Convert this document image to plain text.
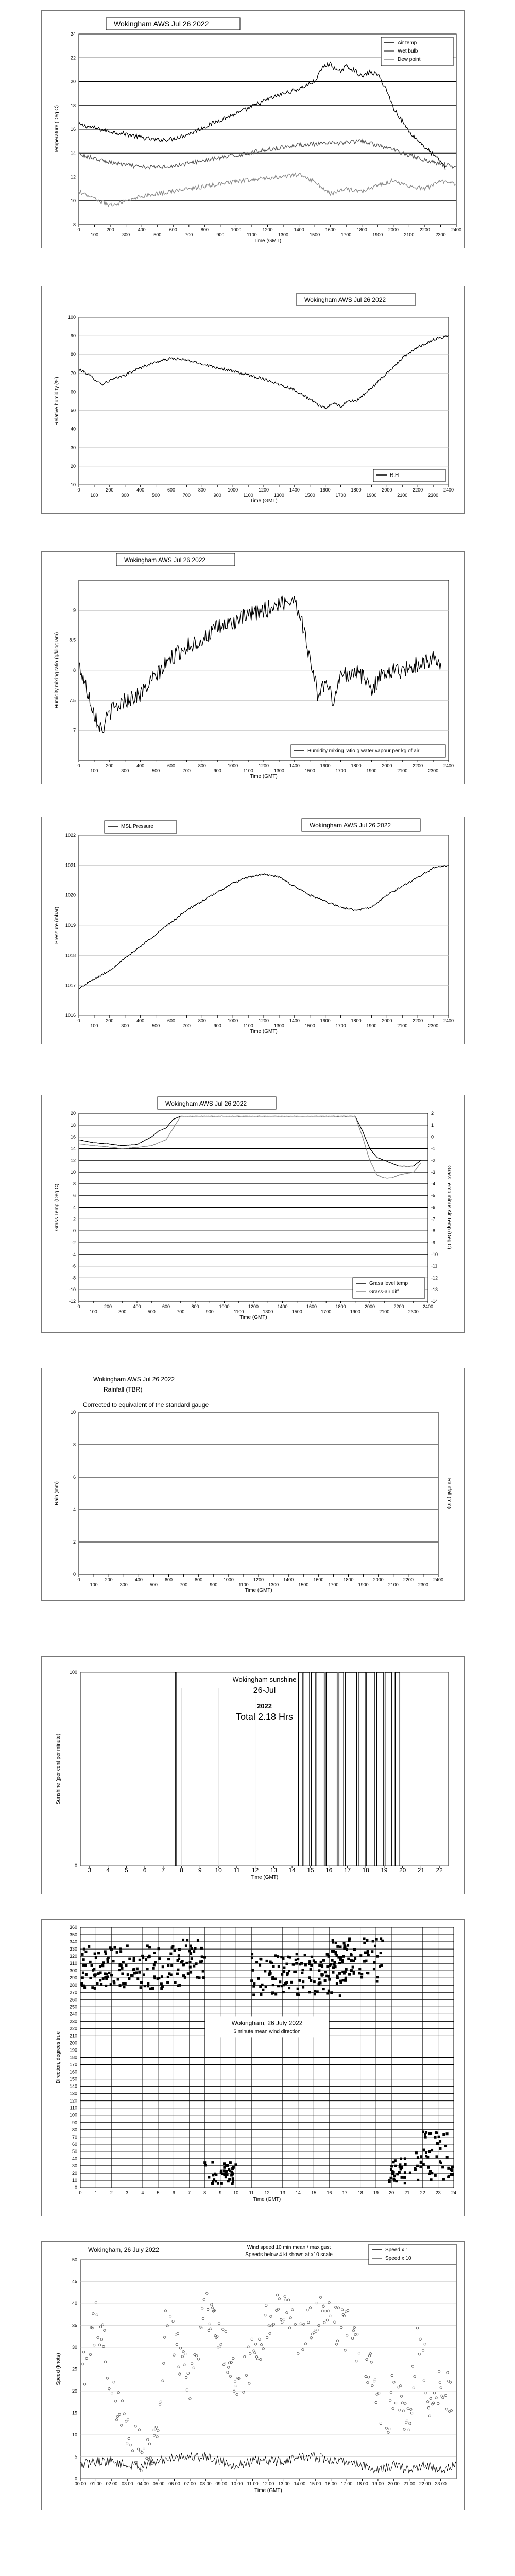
8
10
12
14
16
18
20
22
24
0
100
200
300
400
500
600
700
800
900
1000
1100
1200
1300
1400
1500
1600
1700
1800
1900
2000
2100
2200
2300
2400
Time (GMT)
Temperature (Deg C)
Air temp
Wet bulb
Dew point
Wokingham AWS Jul 26 2022
10
20
30
40
50
60
70
80
90
100
0
100
200
300
400
500
600
700
800
900
1000
1100
1200
1300
1400
1500
1600
1700
1800
1900
2000
2100
2200
2300
2400
Time (GMT)
Relative humidity (%)
R.H
Wokingham AWS Jul 26 2022
7
7.5
8
8.5
9
0
100
200
300
400
500
600
700
800
900
1000
1100
1200
1300
1400
1500
1600
1700
1800
1900
2000
2100
2200
2300
2400
Time (GMT)
Humidity mixing ratio (g/kilogram)
Humidity mixing ratio g water vapour per kg of air
Wokingham AWS Jul 26 2022
1016
1017
1018
1019
1020
1021
1022
0
100
200
300
400
500
600
700
800
900
1000
1100
1200
1300
1400
1500
1600
1700
1800
1900
2000
2100
2200
2300
2400
Time (GMT)
Pressure (mbar)
MSL Pressure	Wokingham AWS Jul 26 2022
-12
-10
-8
-6
-4
-2
0
2
4
6
8
10
12
14
16
18
20
-14
-13
-12
-11
-10
-9
-8
-7
-6
-5
-4
-3
-2
-1
0
1
2
0
100
200
300
400
500
600
700
800
900
1000
1100
1200
1300
1400
1500
1600
1700
1800
1900
2000
2100
2200
2300
2400
Time (GMT)
Grass Temp (Deg C)	Grass Temp minus Air Temp (Deg C)
Grass level temp
Grass-air diff
Wokingham AWS Jul 26 2022
0
2
4
6
8
10
0
100
200
300
400
500
600
700
800
900
1000
1100
1200
1300
1400
1500
1600
1700
1800
1900
2000
2100
2200
2300
2400
Time (GMT)
Rain (mm)	Rainfall (mm)
Wokingham AWS Jul 26 2022
Rainfall (TBR)
Corrected to equivalent of the standard gauge
0
100
3 4 5 6 7 8 9 10 11 12 13 14 15 16 17 18 19 20 21 22
Time (GMT)
Sunshine (per cent per minute)
Wokingham sunshine
26-Jul
2022
Total 2.18 Hrs
0
10
20
30
40
50
60
70
80
90
100
110
120
130
140
150
160
170
180
190
200
210
220
230
240
250
260
270
280
290
300
310
320
330
340
350
360
0	1	2	3	4	5	6	7	8	9	10 11 12 13 14 15 16 17 18 19 20 21 22 23 24
Time (GMT)
Direction, degrees true
Wokingham, 26 July 2022
5 minute mean wind direction
0
5
10
15
20
25
30
35
40
45
50
00:00 01:00 02:00 03:00 04:00 05:00 06:00 07:00 08:00 09:00 10:00 11:00 12:00 13:00 14:00 15:00 16:00 17:00 18:00 19:00 20:00 21:00 22:00 23:00
Time (GMT)
Speed (knots)
Speed x 1
Speed x 10
Wokingham, 26 July 2022	Wind speed 10 min mean / max gust
Speeds below 4 kt shown at x10 scale
